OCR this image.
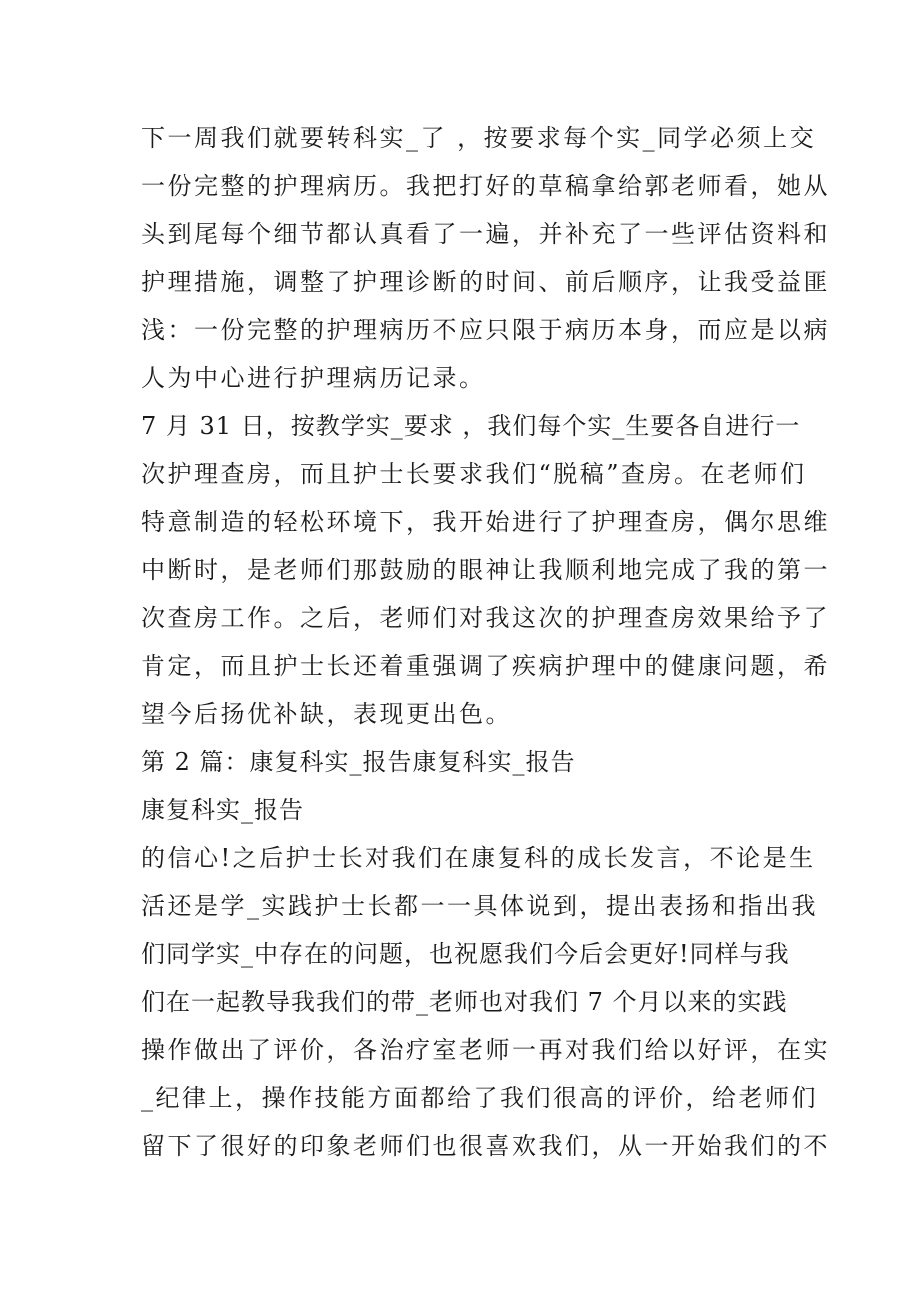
下一周我们就要转科实_了 ，按要求每个实_同学必须上交
一份完整的护理病历。我把打好的草稿拿给郭老师看，她从
头到尾每个细节都认真看了一遍，并补充了一些评估资料和
护理措施，调整了护理诊断的时间、前后顺序，让我受益匪
浅：一份完整的护理病历不应只限于病历本身，而应是以病
人为中心进行护理病历记录。
7 月 31 日，按教学实_要求 ，我们每个实_生要各自进行一
次护理查房，而且护士长要求我们“脱稿”查房。在老师们
特意制造的轻松环境下，我开始进行了护理查房，偶尔思维
中断时，是老师们那鼓励的眼神让我顺利地完成了我的第一
次查房工作。之后，老师们对我这次的护理查房效果给予了
肯定，而且护士长还着重强调了疾病护理中的健康问题，希
望今后扬优补缺，表现更出色。
第 2 篇：康复科实_报告康复科实_报告
康复科实_报告
的信心!之后护士长对我们在康复科的成长发言，不论是生
活还是学_实践护士长都一一具体说到，提出表扬和指出我
们同学实_中存在的问题，也祝愿我们今后会更好!同样与我
们在一起教导我我们的带_老师也对我们 7 个月以来的实践
操作做出了评价，各治疗室老师一再对我们给以好评，在实
_纪律上，操作技能方面都给了我们很高的评价，给老师们
留下了很好的印象老师们也很喜欢我们，从一开始我们的不
